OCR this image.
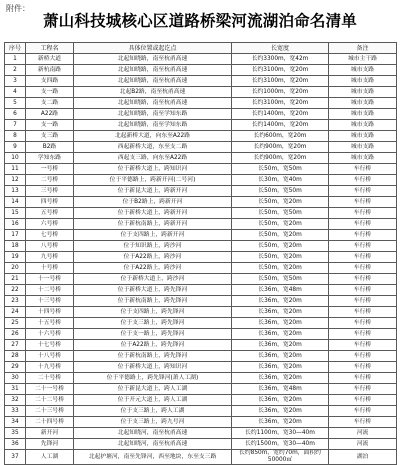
附件：
萧山科技城核心区道路桥梁河流湖泊命名清单
序号	工程名	具体位置或起讫点	长宽度	备注
1	新桥大道	北起知晓路，南至杭甬高速	长约3300m，宽42m	城市主干路
2	新杭南路	北起知晓路，南至杭甬高速	长约3100m，宽20m	城市支路
3	支四路	北起知晓路，南至杭甬高速	长约3100m，宽20m	城市支路
4	支一路	北起B2路，南至杭甬高速	长约1000m，宽20m	城市支路
5	支二路	北起知晓路，南至杭甬高速	长约3100m，宽20m	城市支路
6	A22路	北起知晓路，南至学知东路	长约1400m，宽20m	城市支路
7	支一路	北起知晓路，南至学知东路	长约1400m，宽20m	城市支路
8	支三路	北起新桥大道，向东至A22路	长约600m，宽20m	城市支路
9	B2路	西起新桥大道，东至支二路	长约900m，宽20m	城市支路
10	学知东路	西起支三路，向东至A22路	长约900m，宽20m	城市支路
11	一号桥	位于新桥大道上，跨知识河	长50m，宽50m	车行桥
12	二号桥	位于平德路上，跨新开河(二号河)	长30m，宽40m	车行桥
13	三号桥	位于新昆大道上，跨新开河	长50m，宽50m	车行桥
14	四号桥	位于B2路上，跨新开河	长50m，宽20m	车行桥
15	五号桥	位于新桥大道上，跨新开河	长50m，宽50m	车行桥
16	六号桥	位于新杭南路上，跨新开河	长50m，宽20m	车行桥
17	七号桥	位于支四路上，跨新开河	长50m，宽20m	车行桥
18	八号桥	位于知识路上，跨沙河	长50m，宽20m	车行桥
19	九号桥	位于A22路上，跨沙河	长50m，宽20m	车行桥
20	十号桥	位于A22路上，跨沙河	长50m，宽20m	车行桥
21	十一号桥	位于新桥大道上，跨沙河	长50m，宽50m	车行桥
22	十二号桥	位于新桥大道上，跨先锋河	长36m，宽48m	车行桥
23	十三号桥	位于新杭南路上，跨先锋河	长36m，宽20m	车行桥
24	十四号桥	位于支四路上，跨先锋河	长36m，宽20m	车行桥
25	十五号桥	位于支三路上，跨先锋河	长36m，宽20m	车行桥
26	十六号桥	位于支一路上，跨先锋河	长36m，宽20m	车行桥
27	十七号桥	位于A22路上，跨先锋河	长36m，宽20m	车行桥
28	十八号桥	位于新杭南路上，跨先锋河	长36m，宽20m	车行桥
29	十九号桥	位于新桥大道上，跨知识河	长36m，宽20m	车行桥
30	二十号桥	位于平德路上，跨先锋河(萧人工湖)	长36m，宽20m	车行桥
31	二十一号桥	位于新昆大道上，跨人工湖	长36m，宽48m	车行桥
32	二十二号桥	位于开元大道上，跨人工湖	长36m，宽20m	车行桥
33	二十三号桥	位于支三路上，跨人工湖	长36m，宽20m	车行桥
34	二十四号桥	位于支三路上，跨九号河	长36m，宽20m	车行桥
35	新开河	北起知晓河，南至杭甬高速	长约1100m，宽30—40m	河流
36	先锋河	北起知晓河，南至杭甬高速	长约1500m，宽30—40m	河流
37	人工湖	北起护塘河，南至先锋河，西至地块，东至支三路	长约850m，宽约70m，面积约50000㎡	湖泊
